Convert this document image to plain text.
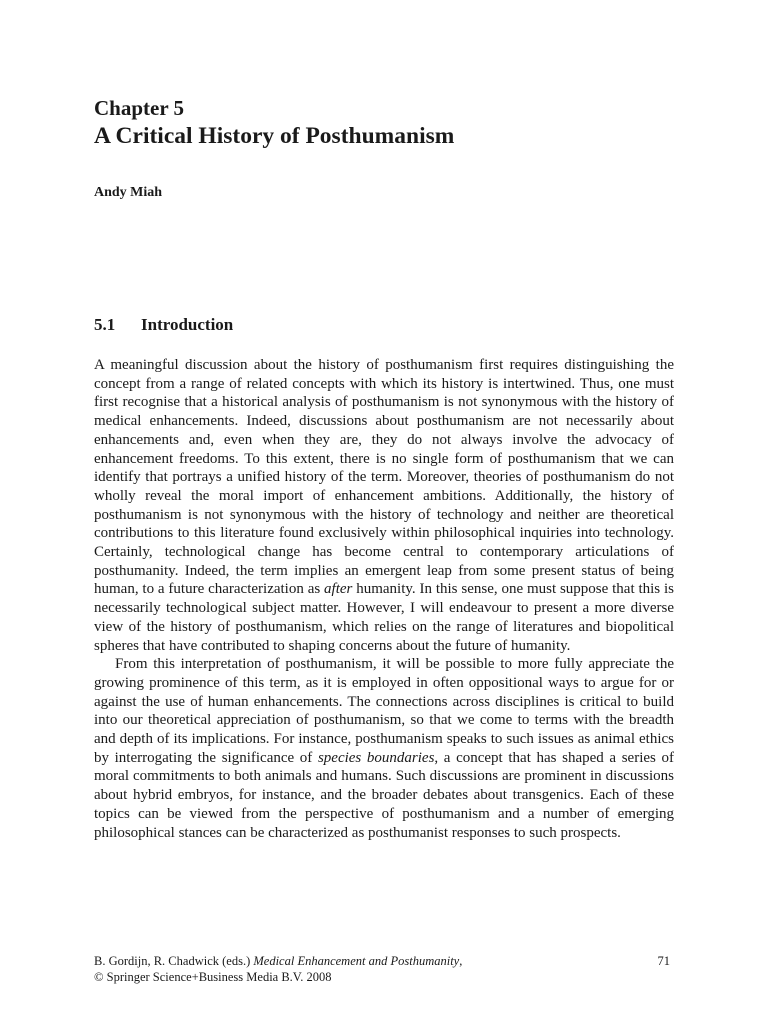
Chapter 5
A Critical History of Posthumanism
Andy Miah
5.1 Introduction

A meaningful discussion about the history of posthumanism first requires distinguishing the concept from a range of related concepts with which its history is intertwined. Thus, one must first recognise that a historical analysis of posthumanism is not synonymous with the history of medical enhancements. Indeed, discussions about posthumanism are not necessarily about enhancements and, even when they are, they do not always involve the advocacy of enhancement freedoms. To this extent, there is no single form of posthumanism that we can identify that portrays a unified history of the term. Moreover, theories of posthumanism do not wholly reveal the moral import of enhancement ambitions. Additionally, the history of posthumanism is not synonymous with the history of technology and neither are theoretical contributions to this literature found exclusively within philosophical inquiries into technology. Certainly, technological change has become central to contemporary articulations of posthumanity. Indeed, the term implies an emergent leap from some present status of being human, to a future characterization as after humanity. In this sense, one must suppose that this is necessarily technological subject matter. However, I will endeavour to present a more diverse view of the history of posthumanism, which relies on the range of literatures and biopolitical spheres that have contributed to shaping concerns about the future of humanity.

From this interpretation of posthumanism, it will be possible to more fully appreciate the growing prominence of this term, as it is employed in often oppositional ways to argue for or against the use of human enhancements. The connections across disciplines is critical to build into our theoretical appreciation of posthumanism, so that we come to terms with the breadth and depth of its implications. For instance, posthumanism speaks to such issues as animal ethics by interrogating the significance of species boundaries, a concept that has shaped a series of moral commitments to both animals and humans. Such discussions are prominent in discussions about hybrid embryos, for instance, and the broader debates about transgenics. Each of these topics can be viewed from the perspective of posthumanism and a number of emerging philosophical stances can be characterized as posthumanist responses to such prospects.

B. Gordijn, R. Chadwick (eds.) Medical Enhancement and Posthumanity,
© Springer Science+Business Media B.V. 2008
71
